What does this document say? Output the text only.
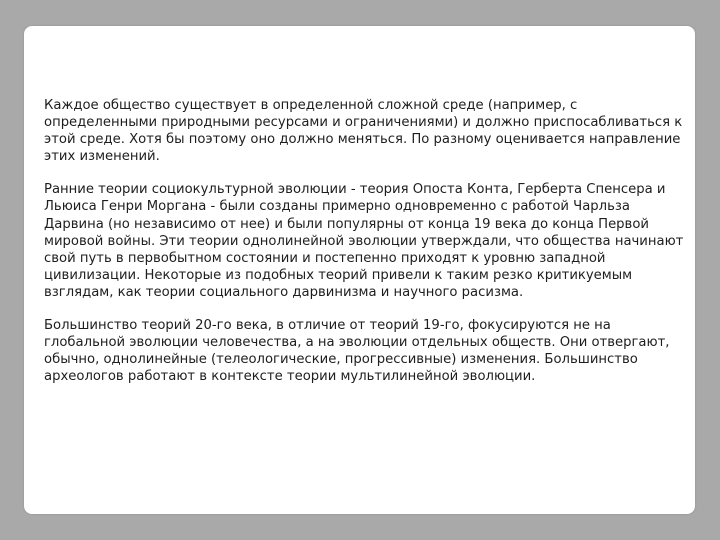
Каждое общество существует в определенной сложной среде (например, с определенными природными ресурсами и ограничениями) и должно приспосабливаться к этой среде. Хотя бы поэтому оно должно меняться. По разному оценивается направление этих изменений.

Ранние теории социокультурной эволюции - теория Опоста Конта, Герберта Спенсера и Льюиса Генри Моргана - были созданы примерно одновременно с работой Чарльза Дарвина (но независимо от нее) и были популярны от конца 19 века до конца Первой мировой войны. Эти теории однолинейной эволюции утверждали, что общества начинают свой путь в первобытном состоянии и постепенно приходят к уровню западной цивилизации. Некоторые из подобных теорий привели к таким резко критикуемым взглядам, как теории социального дарвинизма и научного расизма.

Большинство теорий 20-го века, в отличие от теорий 19-го, фокусируются не на глобальной эволюции человечества, а на эволюции отдельных обществ. Они отвергают, обычно, однолинейные (телеологические, прогрессивные) изменения. Большинство археологов работают в контексте теории мультилинейной эволюции.
